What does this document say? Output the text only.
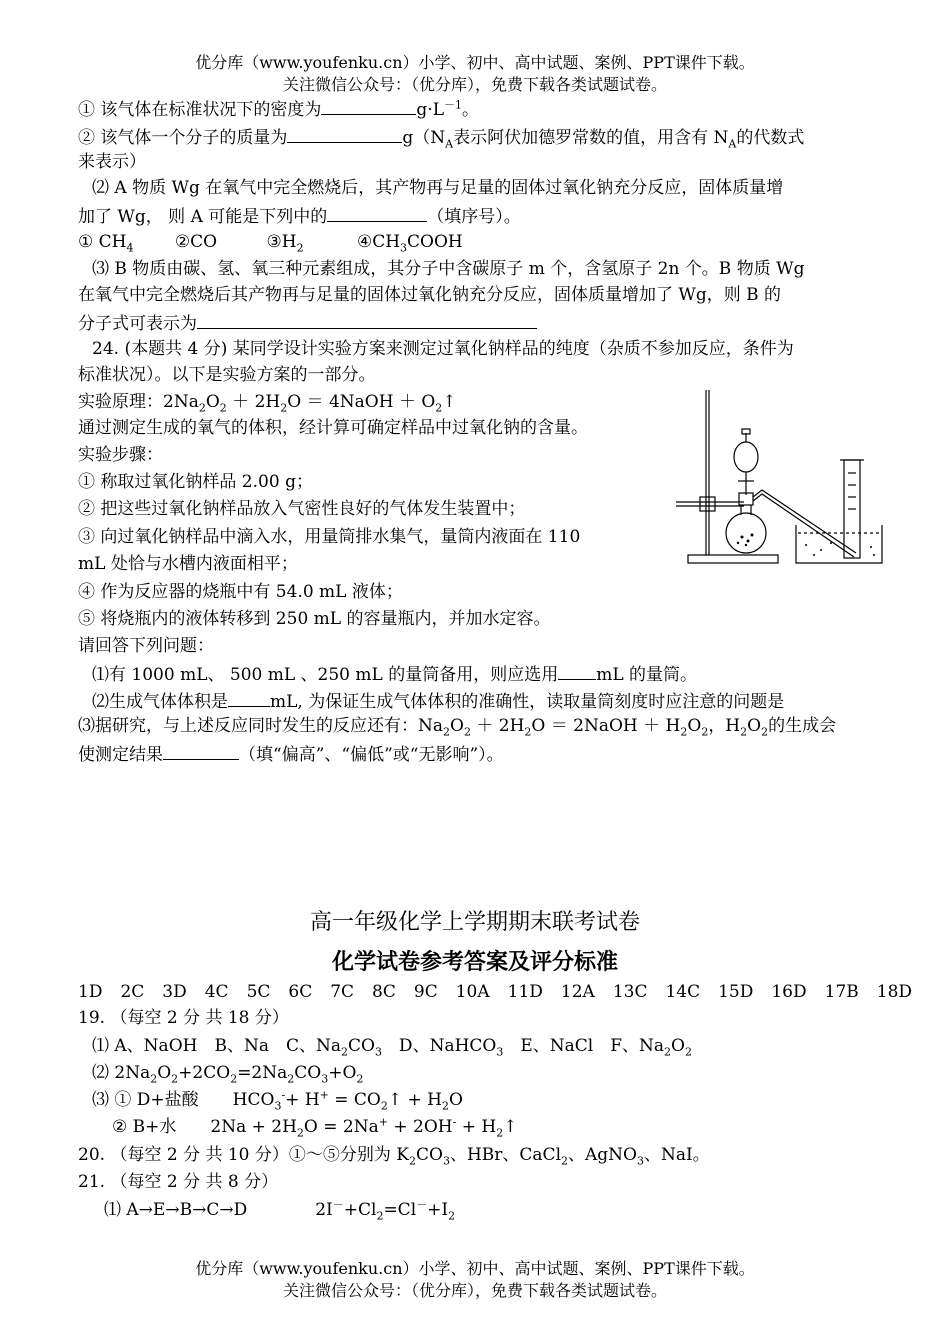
优分库（www.youfenku.cn）小学、初中、高中试题、案例、PPT课件下载。
关注微信公众号：（优分库），免费下载各类试题试卷。
① 该气体在标准状况下的密度为	$g\cdot L^{-1}$。
② 该气体一个分子的质量为	$g(N_A$表示阿伏加德罗常数的值，用含有 $N_A$的代数式
来表示）
⑵ A 物质 Wg 在氧气中完全燃烧后，其产物再与足量的固体过氧化钠充分反应，固体质量增
加了 Wg， 则 A 可能是下列中的	（填序号）。
① $CH_4$ ②CO	$③H_2$	$④CH_3COOH$
⑶ B 物质由碳、氢、氧三种元素组成，其分子中含碳原子 m 个，含氢原子 2n 个。B 物质 Wg
在氧气中完全燃烧后其产物再与足量的固体过氧化钠充分反应，固体质量增加了 Wg，则 B 的
分子式可表示为
24. (本题共 4 分) 某同学设计实验方案来测定过氧化钠样品的纯度（杂质不参加反应，条件为
标准状况）。以下是实验方案的一部分。
实验原理：$2Na_2O_2 + 2H_2O$ ＝ 4NaOH ＋ $O_2↑$
通过测定生成的氧气的体积，经计算可确定样品中过氧化钠的含量。
实验步骤：
① 称取过氧化钠样品 2.00 g；
② 把这些过氧化钠样品放入气密性良好的气体发生装置中；
③ 向过氧化钠样品中滴入水，用量筒排水集气，量筒内液面在 110
mL 处恰与水槽内液面相平；
④ 作为反应器的烧瓶中有 54.0 mL 液体；
⑤ 将烧瓶内的液体转移到 250 mL 的容量瓶内，并加水定容。
请回答下列问题：
⑴有 1000 mL、 500 mL 、250 mL 的量筒备用，则应选用 mL 的量筒。
⑵生成气体体积是 mL, 为保证生成气体体积的准确性，读取量筒刻度时应注意的问题是
⑶据研究，与上述反应同时发生的反应还有：$Na_2O_2 + 2H_2O$ ＝ 2NaOH ＋ $H_2O_2$，$H_2O_2$的生成会
使测定结果	（填“偏高”、“偏低”或“无影响”）。
高一年级化学上学期期末联考试卷
化学试卷参考答案及评分标准
1D 2C 3D 4C 5C 6C 7C 8C 9C 10A 11D 12A 13C 14C 15D 16D 17B 18D
19. （每空 2 分 共 18 分）
⑴ A、NaOH　B、Na　C、$Na_2CO_3$　D、NaHCO$_3$　E、NaCl　F、$Na_2O_2$
⑵ $2Na_2O_2+2CO_2=2Na_2CO_3+O_2$
⑶ ① D+盐酸　　$HCO_3^-+ H^+$ = $CO_2↑ + H_2O$
② B+水　　$2Na + 2H_2O = 2Na^+ + 2OH^-$ + $H_2↑$
20. （每空 2 分 共 10 分）①～⑤分别为 $K_2CO_3$、HBr、CaCl$_2$、AgNO$_3$、NaI。
21. （每空 2 分 共 8 分）
⑴ A→E→B→C→D	$2I^-+Cl_2=Cl^-+I_2$
优分库（www.youfenku.cn）小学、初中、高中试题、案例、PPT课件下载。
关注微信公众号：（优分库），免费下载各类试题试卷。
